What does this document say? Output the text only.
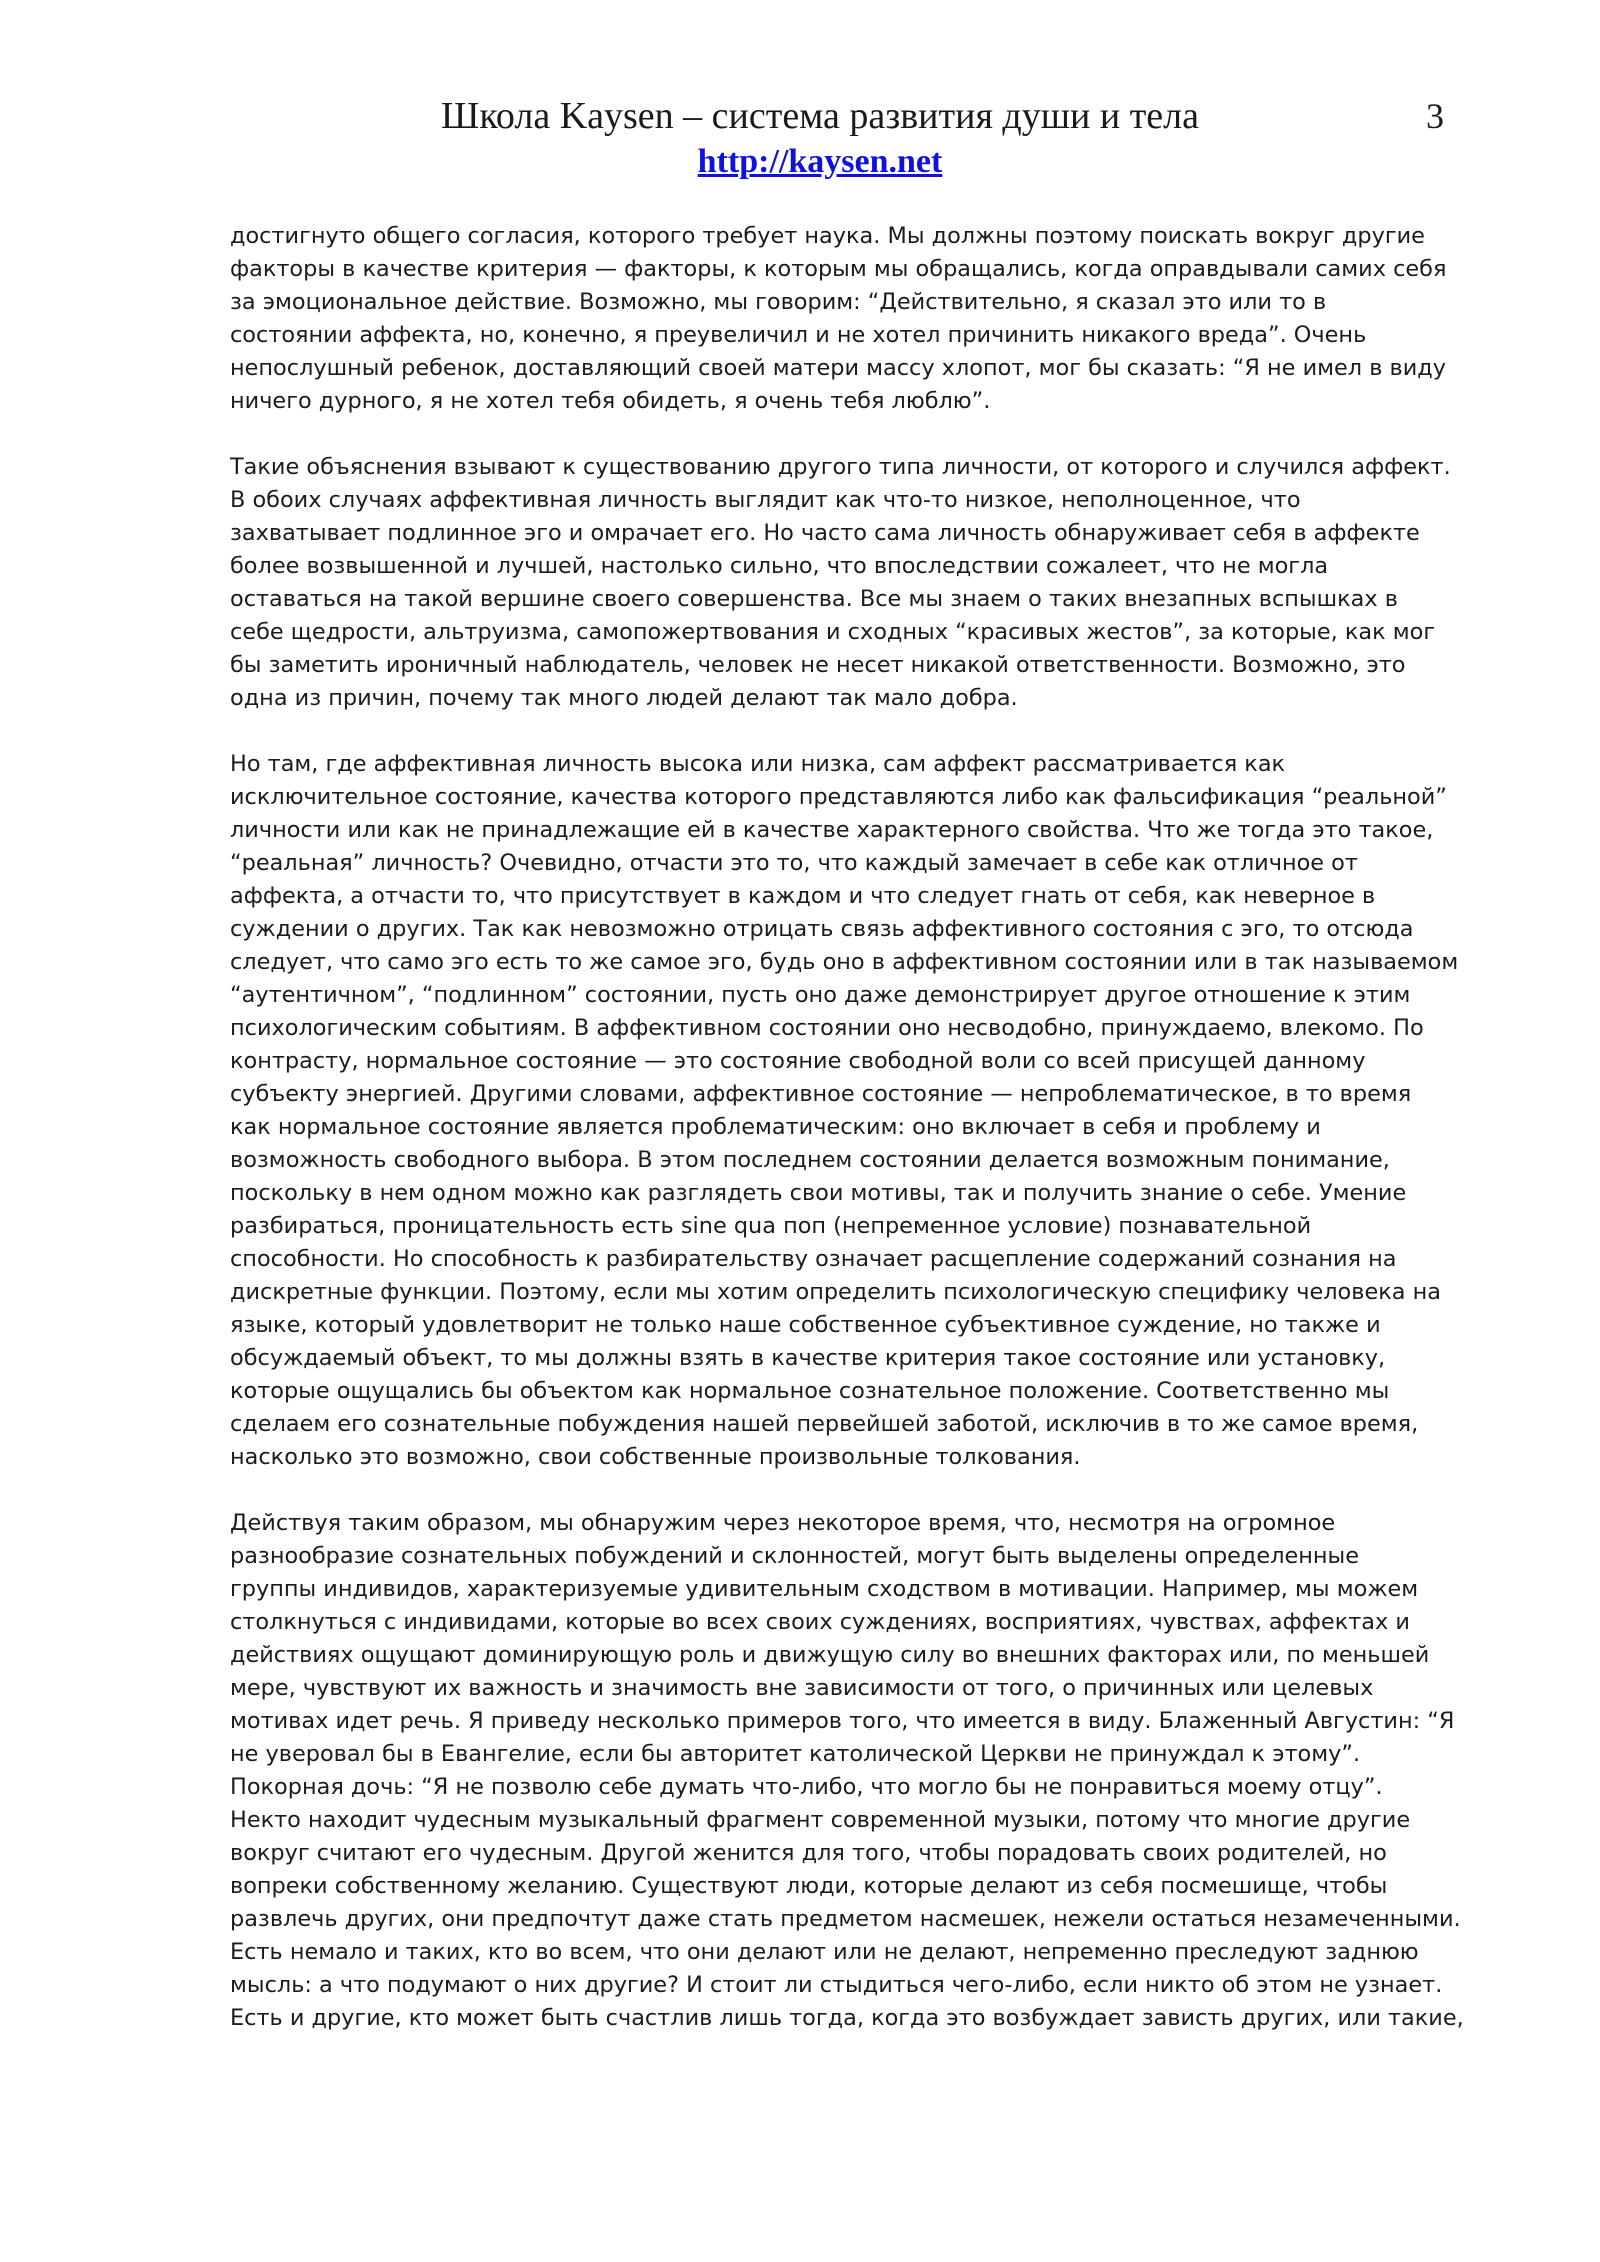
Школа Kaysen – система развития души и тела
http://kaysen.net
3
достигнуто общего согласия, которого требует наука. Мы должны поэтому поискать вокруг другие
факторы в качестве критерия — факторы, к которым мы обращались, когда оправдывали самих себя
за эмоциональное действие. Возможно, мы говорим: “Действительно, я сказал это или то в
состоянии аффекта, но, конечно, я преувеличил и не хотел причинить никакого вреда”. Очень
непослушный ребенок, доставляющий своей матери массу хлопот, мог бы сказать: “Я не имел в виду
ничего дурного, я не хотел тебя обидеть, я очень тебя люблю”.
Такие объяснения взывают к существованию другого типа личности, от которого и случился аффект.
В обоих случаях аффективная личность выглядит как что-то низкое, неполноценное, что
захватывает подлинное эго и омрачает его. Но часто сама личность обнаруживает себя в аффекте
более возвышенной и лучшей, настолько сильно, что впоследствии сожалеет, что не могла
оставаться на такой вершине своего совершенства. Все мы знаем о таких внезапных вспышках в
себе щедрости, альтруизма, самопожертвования и сходных “красивых жестов”, за которые, как мог
бы заметить ироничный наблюдатель, человек не несет никакой ответственности. Возможно, это
одна из причин, почему так много людей делают так мало добра.
Но там, где аффективная личность высока или низка, сам аффект рассматривается как
исключительное состояние, качества которого представляются либо как фальсификация “реальной”
личности или как не принадлежащие ей в качестве характерного свойства. Что же тогда это такое,
“реальная” личность? Очевидно, отчасти это то, что каждый замечает в себе как отличное от
аффекта, а отчасти то, что присутствует в каждом и что следует гнать от себя, как неверное в
суждении о других. Так как невозможно отрицать связь аффективного состояния с эго, то отсюда
следует, что само эго есть то же самое эго, будь оно в аффективном состоянии или в так называемом
“аутентичном”, “подлинном” состоянии, пусть оно даже демонстрирует другое отношение к этим
психологическим событиям. В аффективном состоянии оно несводобно, принуждаемо, влекомо. По
контрасту, нормальное состояние — это состояние свободной воли со всей присущей данному
субъекту энергией. Другими словами, аффективное состояние — непроблематическое, в то время
как нормальное состояние является проблематическим: оно включает в себя и проблему и
возможность свободного выбора. В этом последнем состоянии делается возможным понимание,
поскольку в нем одном можно как разглядеть свои мотивы, так и получить знание о себе. Умение
разбираться, проницательность есть sine qua поп (непременное условие) познавательной
способности. Но способность к разбирательству означает расщепление содержаний сознания на
дискретные функции. Поэтому, если мы хотим определить психологическую специфику человека на
языке, который удовлетворит не только наше собственное субъективное суждение, но также и
обсуждаемый объект, то мы должны взять в качестве критерия такое состояние или установку,
которые ощущались бы объектом как нормальное сознательное положение. Соответственно мы
сделаем его сознательные побуждения нашей первейшей заботой, исключив в то же самое время,
насколько это возможно, свои собственные произвольные толкования.
Действуя таким образом, мы обнаружим через некоторое время, что, несмотря на огромное
разнообразие сознательных побуждений и склонностей, могут быть выделены определенные
группы индивидов, характеризуемые удивительным сходством в мотивации. Например, мы можем
столкнуться с индивидами, которые во всех своих суждениях, восприятиях, чувствах, аффектах и
действиях ощущают доминирующую роль и движущую силу во внешних факторах или, по меньшей
мере, чувствуют их важность и значимость вне зависимости от того, о причинных или целевых
мотивах идет речь. Я приведу несколько примеров того, что имеется в виду. Блаженный Августин: “Я
не уверовал бы в Евангелие, если бы авторитет католической Церкви не принуждал к этому”.
Покорная дочь: “Я не позволю себе думать что-либо, что могло бы не понравиться моему отцу”.
Некто находит чудесным музыкальный фрагмент современной музыки, потому что многие другие
вокруг считают его чудесным. Другой женится для того, чтобы порадовать своих родителей, но
вопреки собственному желанию. Существуют люди, которые делают из себя посмешище, чтобы
развлечь других, они предпочтут даже стать предметом насмешек, нежели остаться незамеченными.
Есть немало и таких, кто во всем, что они делают или не делают, непременно преследуют заднюю
мысль: а что подумают о них другие? И стоит ли стыдиться чего-либо, если никто об этом не узнает.
Есть и другие, кто может быть счастлив лишь тогда, когда это возбуждает зависть других, или такие,
